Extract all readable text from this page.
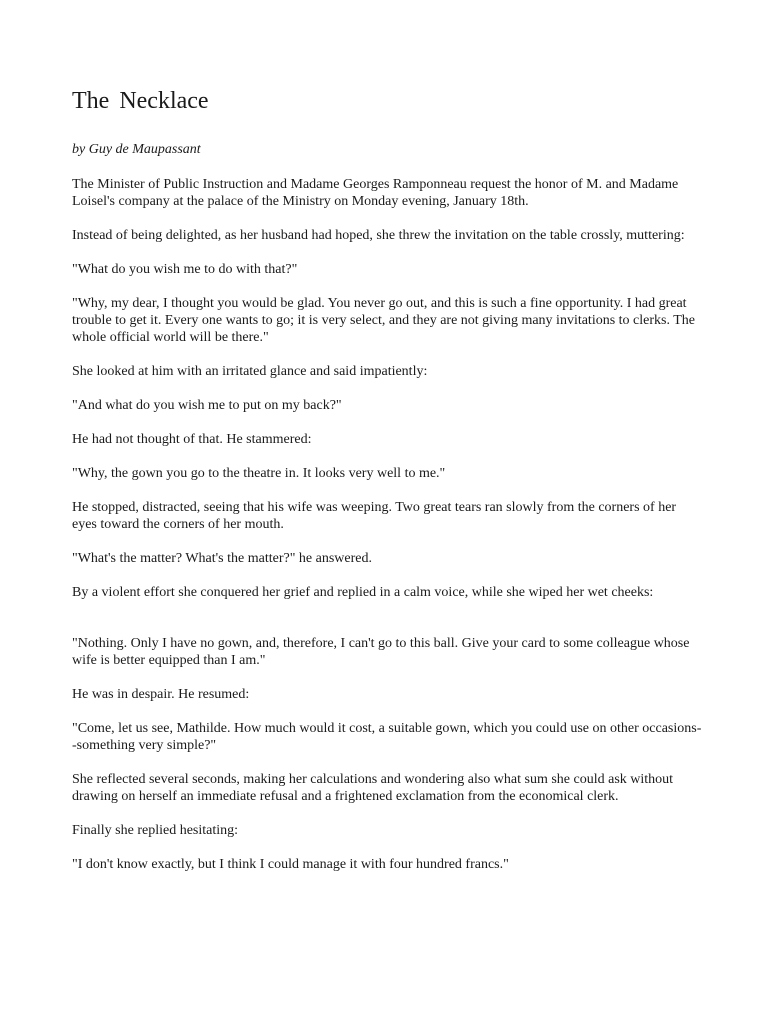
The Necklace

by Guy de Maupassant

The Minister of Public Instruction and Madame Georges Ramponneau request the honor of M. and Madame Loisel's company at the palace of the Ministry on Monday evening, January 18th.

Instead of being delighted, as her husband had hoped, she threw the invitation on the table crossly, muttering:

"What do you wish me to do with that?"

"Why, my dear, I thought you would be glad. You never go out, and this is such a fine opportunity. I had great trouble to get it. Every one wants to go; it is very select, and they are not giving many invitations to clerks. The whole official world will be there."

She looked at him with an irritated glance and said impatiently:

"And what do you wish me to put on my back?"

He had not thought of that. He stammered:

"Why, the gown you go to the theatre in. It looks very well to me."

He stopped, distracted, seeing that his wife was weeping. Two great tears ran slowly from the corners of her eyes toward the corners of her mouth.

"What's the matter? What's the matter?" he answered.

By a violent effort she conquered her grief and replied in a calm voice, while she wiped her wet cheeks:

"Nothing. Only I have no gown, and, therefore, I can't go to this ball. Give your card to some colleague whose wife is better equipped than I am."

He was in despair. He resumed:

"Come, let us see, Mathilde. How much would it cost, a suitable gown, which you could use on other occasions--something very simple?"

She reflected several seconds, making her calculations and wondering also what sum she could ask without drawing on herself an immediate refusal and a frightened exclamation from the economical clerk.

Finally she replied hesitating:

"I don't know exactly, but I think I could manage it with four hundred francs."
